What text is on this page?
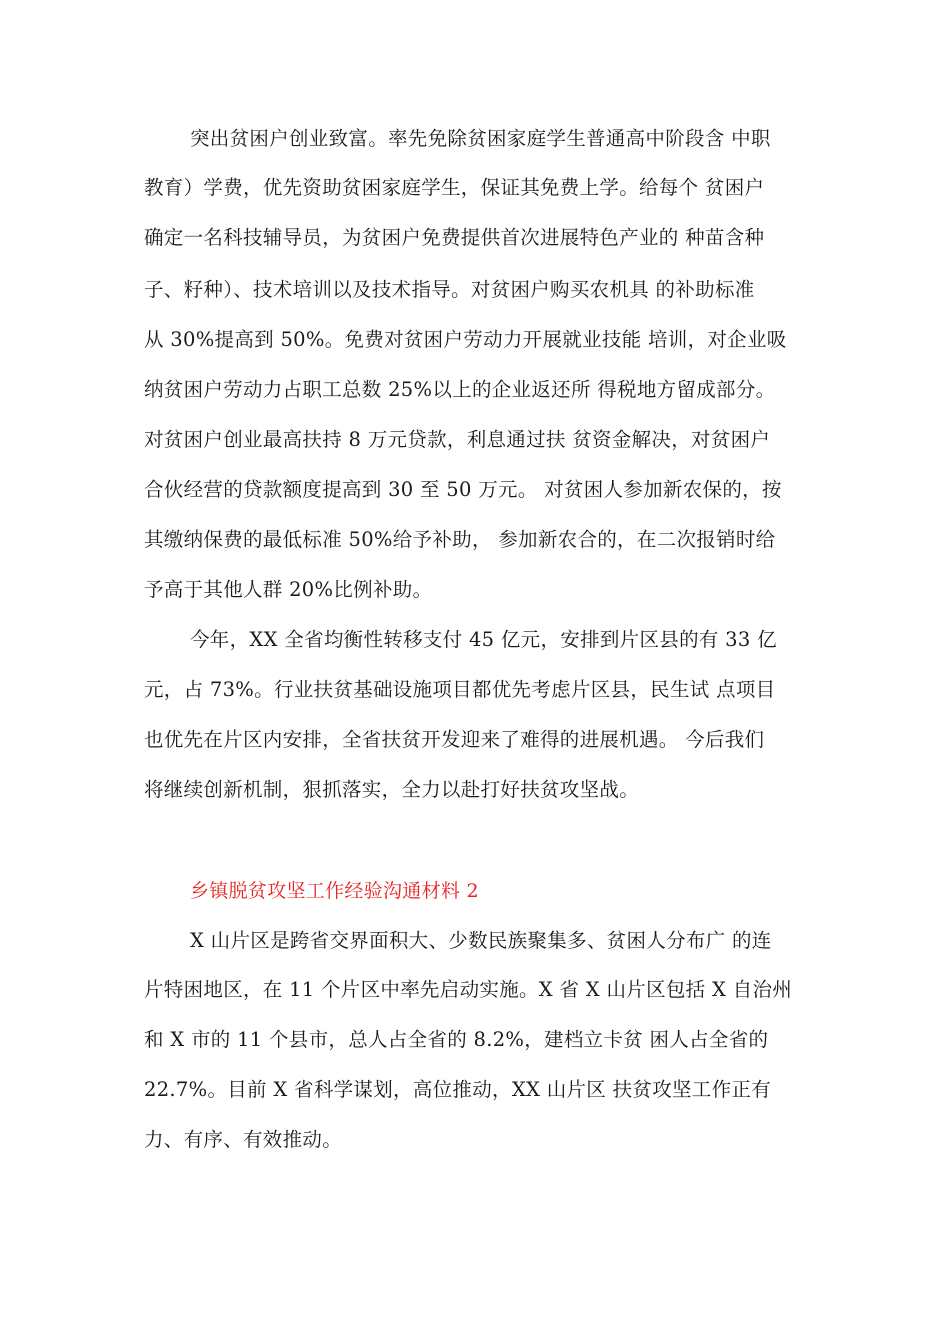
突出贫困户创业致富。率先免除贫困家庭学生普通高中阶段含 中职
教育）学费，优先资助贫困家庭学生，保证其免费上学。给每个 贫困户
确定一名科技辅导员，为贫困户免费提供首次进展特色产业的 种苗含种
子、籽种）、技术培训以及技术指导。对贫困户购买农机具 的补助标准
从 30%提高到 50%。免费对贫困户劳动力开展就业技能 培训，对企业吸
纳贫困户劳动力占职工总数 25%以上的企业返还所 得税地方留成部分。
对贫困户创业最高扶持 8 万元贷款，利息通过扶 贫资金解决，对贫困户
合伙经营的贷款额度提高到 30 至 50 万元。 对贫困人参加新农保的，按
其缴纳保费的最低标准 50%给予补助， 参加新农合的，在二次报销时给
予高于其他人群 20%比例补助。
今年，XX 全省均衡性转移支付 45 亿元，安排到片区县的有 33 亿
元，占 73%。行业扶贫基础设施项目都优先考虑片区县，民生试 点项目
也优先在片区内安排，全省扶贫开发迎来了难得的进展机遇。 今后我们
将继续创新机制，狠抓落实，全力以赴打好扶贫攻坚战。
乡镇脱贫攻坚工作经验沟通材料 2
X 山片区是跨省交界面积大、少数民族聚集多、贫困人分布广 的连
片特困地区，在 11 个片区中率先启动实施。X 省 X 山片区包括 X 自治州
和 X 市的 11 个县市，总人占全省的 8.2%，建档立卡贫 困人占全省的
22.7%。目前 X 省科学谋划，高位推动，XX 山片区 扶贫攻坚工作正有
力、有序、有效推动。
